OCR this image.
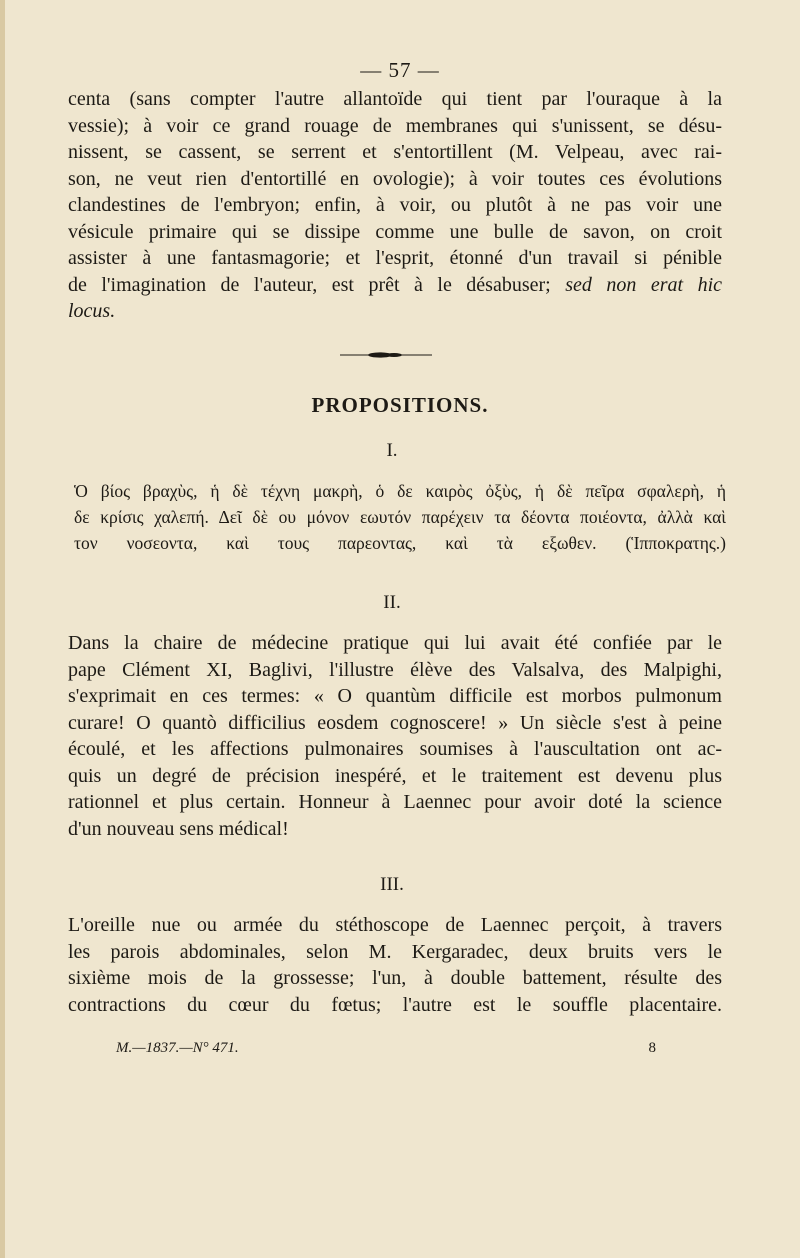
— 57 —
centa (sans compter l'autre allantoïde qui tient par l'ouraque à la
vessie); à voir ce grand rouage de membranes qui s'unissent, se désu-
nissent, se cassent, se serrent et s'entortillent (M. Velpeau, avec rai-
son, ne veut rien d'entortillé en ovologie); à voir toutes ces évolutions
clandestines de l'embryon; enfin, à voir, ou plutôt à ne pas voir une
vésicule primaire qui se dissipe comme une bulle de savon, on croit
assister à une fantasmagorie; et l'esprit, étonné d'un travail si pénible
de l'imagination de l'auteur, est prêt à le désabuser; sed non erat hic
locus.
PROPOSITIONS.
I.
Ὁ βίος βραχὺς, ἡ δὲ τέχνη μακρὴ, ὁ δε καιρὸς ὀξὺς, ἡ δὲ πεῖρα σφαλερὴ, ἡ
δε κρίσις χαλεπή. Δεῖ δὲ ου μόνον εωυτόν παρέχειν τα δέοντα ποιέοντα, ἀλλὰ καὶ
τον νοσεοντα, καὶ τους παρεοντας, καὶ τὰ εξωθεν. (Ἱπποκρατης.)
II.
Dans la chaire de médecine pratique qui lui avait été confiée par le
pape Clément XI, Baglivi, l'illustre élève des Valsalva, des Malpighi,
s'exprimait en ces termes: « O quantùm difficile est morbos pulmonum
curare! O quantò difficilius eosdem cognoscere! » Un siècle s'est à peine
écoulé, et les affections pulmonaires soumises à l'auscultation ont ac-
quis un degré de précision inespéré, et le traitement est devenu plus
rationnel et plus certain. Honneur à Laennec pour avoir doté la science
d'un nouveau sens médical!
III.
L'oreille nue ou armée du stéthoscope de Laennec perçoit, à travers
les parois abdominales, selon M. Kergaradec, deux bruits vers le
sixième mois de la grossesse; l'un, à double battement, résulte des
contractions du cœur du fœtus; l'autre est le souffle placentaire.
M.—1837.—N° 471.	8
